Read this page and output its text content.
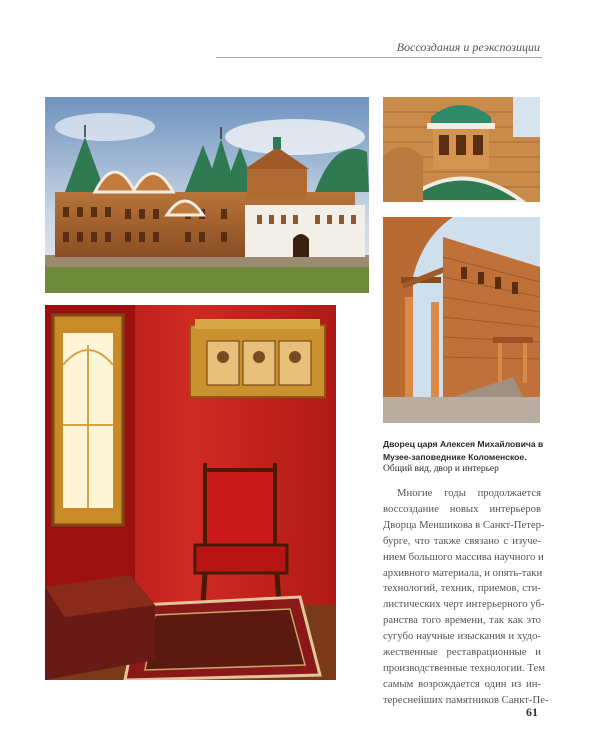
Воссоздания и реэкспозиции
Дворец царя Алексея Михайловича в Музее-заповеднике Коломенское.
Общий вид, двор и интерьер
Многие годы продолжается
воссоздание новых интерьеров
Дворца Меншикова в Санкт-Петер-
бурге, что также связано с изуче-
нием большого массива научного и
архивного материала, и опять-таки
технологий, техник, приемов, сти-
листических черт интерьерного уб-
ранства того времени, так как это
сугубо научные изыскания и худо-
жественные реставрационные и
производственные технологии. Тем
самым возрождается один из ин-
тереснейших памятников Санкт-Пе-
61
